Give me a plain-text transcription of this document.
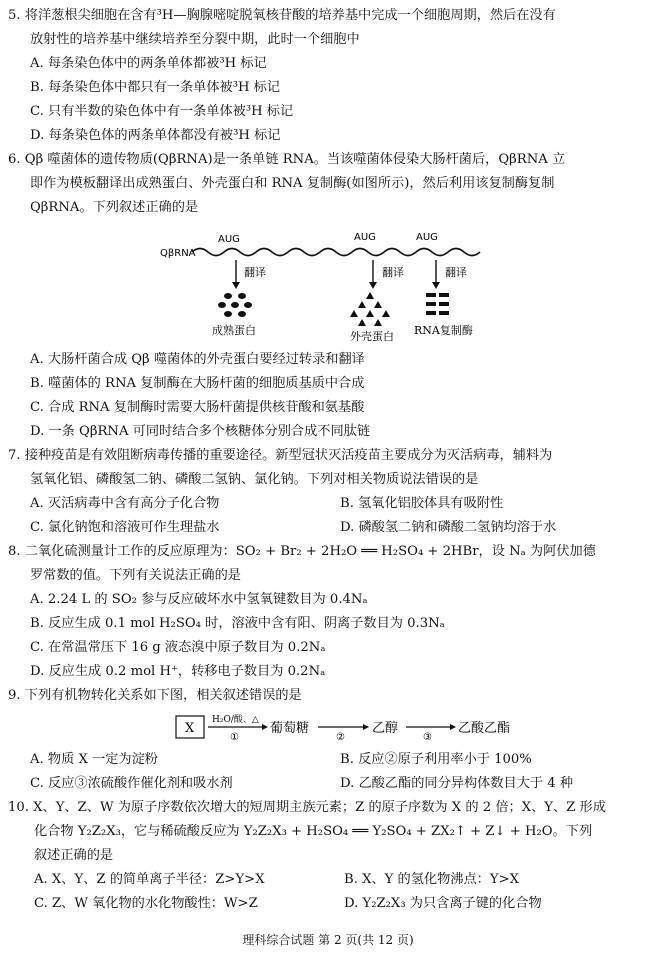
5. 将洋葱根尖细胞在含有³H—胸腺嘧啶脱氧核苷酸的培养基中完成一个细胞周期，然后在没有

放射性的培养基中继续培养至分裂中期，此时一个细胞中

A. 每条染色体中的两条单体都被³H 标记

B. 每条染色体中都只有一条单体被³H 标记

C. 只有半数的染色体中有一条单体被³H 标记

D. 每条染色体的两条单体都没有被³H 标记

6. Qβ 噬菌体的遗传物质(QβRNA)是一条单链 RNA。当该噬菌体侵染大肠杆菌后，QβRNA 立

即作为模板翻译出成熟蛋白、外壳蛋白和 RNA 复制酶(如图所示)，然后利用该复制酶复制

QβRNA。下列叙述正确的是

QβRNA
AUG	AUG	AUG
翻译	翻译	翻译
成熟蛋白	外壳蛋白 RNA复制酶

A. 大肠杆菌合成 Qβ 噬菌体的外壳蛋白要经过转录和翻译

B. 噬菌体的 RNA 复制酶在大肠杆菌的细胞质基质中合成

C. 合成 RNA 复制酶时需要大肠杆菌提供核苷酸和氨基酸

D. 一条 QβRNA 可同时结合多个核糖体分别合成不同肽链

7. 接种疫苗是有效阻断病毒传播的重要途径。新型冠状灭活疫苗主要成分为灭活病毒，辅料为

氢氧化铝、磷酸氢二钠、磷酸二氢钠、氯化钠。下列对相关物质说法错误的是

A. 灭活病毒中含有高分子化合物	B. 氢氧化铝胶体具有吸附性

C. 氯化钠饱和溶液可作生理盐水	D. 磷酸氢二钠和磷酸二氢钠均溶于水

8. 二氧化硫测量计工作的反应原理为：SO₂ + Br₂ + 2H₂O ══ H₂SO₄ + 2HBr，设 Nₐ 为阿伏加德

罗常数的值。下列有关说法正确的是

A. 2.24 L 的 SO₂ 参与反应破坏水中氢氧键数目为 0.4Nₐ

B. 反应生成 0.1 mol H₂SO₄ 时，溶液中含有阳、阴离子数目为 0.3Nₐ

C. 在常温常压下 16 g 液态溴中原子数目为 0.2Nₐ

D. 反应生成 0.2 mol H⁺，转移电子数目为 0.2Nₐ

9. 下列有机物转化关系如下图，相关叙述错误的是

X
H₂O/酸、△
①
葡萄糖
②
乙醇
③
乙酸乙酯

A. 物质 X 一定为淀粉	B. 反应②原子利用率小于 100%

C. 反应③浓硫酸作催化剂和吸水剂	D. 乙酸乙酯的同分异构体数目大于 4 种

10. X、Y、Z、W 为原子序数依次增大的短周期主族元素；Z 的原子序数为 X 的 2 倍；X、Y、Z 形成

化合物 Y₂Z₂X₃，它与稀硫酸反应为 Y₂Z₂X₃ + H₂SO₄ ══ Y₂SO₄ + ZX₂↑ + Z↓ + H₂O。下列

叙述正确的是

A. X、Y、Z 的简单离子半径：Z>Y>X	B. X、Y 的氢化物沸点：Y>X

C. Z、W 氧化物的水化物酸性：W>Z	D. Y₂Z₂X₃ 为只含离子键的化合物

理科综合试题 第 2 页(共 12 页)
